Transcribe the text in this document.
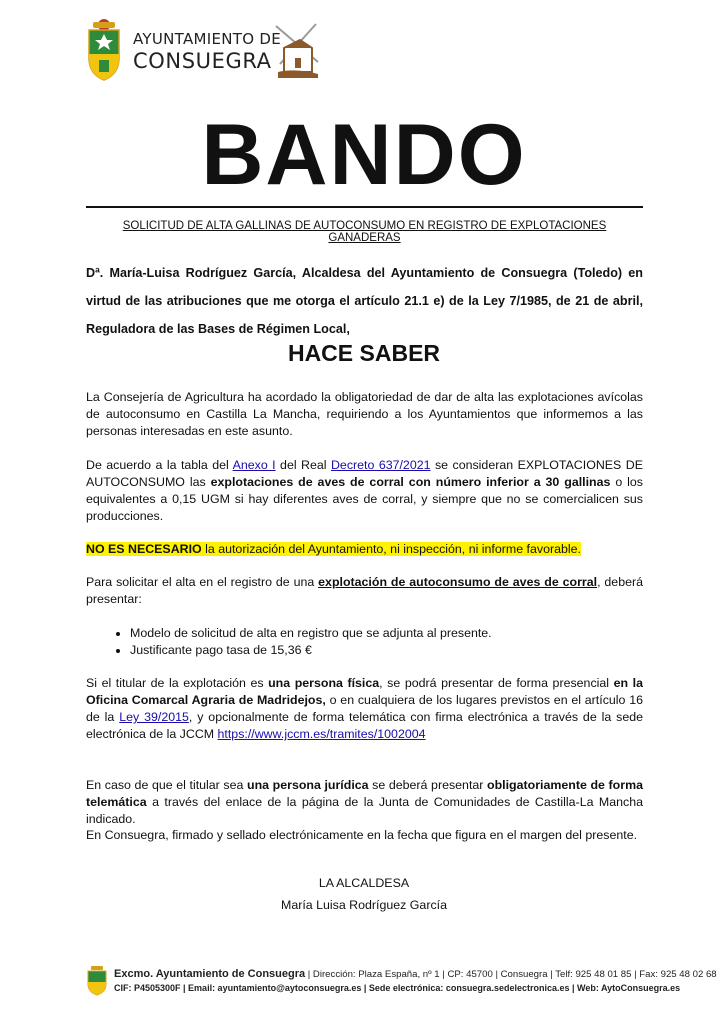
AYUNTAMIENTO DE
CONSUEGRA
BANDO
SOLICITUD DE ALTA GALLINAS DE AUTOCONSUMO EN REGISTRO DE EXPLOTACIONES GANADERAS
Dª. María-Luisa Rodríguez García, Alcaldesa del Ayuntamiento de Consuegra (Toledo) en virtud de las atribuciones que me otorga el artículo 21.1 e) de la Ley 7/1985, de 21 de abril, Reguladora de las Bases de Régimen Local,
HACE SABER
La Consejería de Agricultura ha acordado la obligatoriedad de dar de alta las explotaciones avícolas de autoconsumo en Castilla La Mancha, requiriendo a los Ayuntamientos que informemos a las personas interesadas en este asunto.
De acuerdo a la tabla del Anexo I del Real Decreto 637/2021 se consideran EXPLOTACIONES DE AUTOCONSUMO las explotaciones de aves de corral con número inferior a 30 gallinas o los equivalentes a 0,15 UGM si hay diferentes aves de corral, y siempre que no se comercialicen sus producciones.
NO ES NECESARIO la autorización del Ayuntamiento, ni inspección, ni informe favorable.
Para solicitar el alta en el registro de una explotación de autoconsumo de aves de corral, deberá presentar:
• Modelo de solicitud de alta en registro que se adjunta al presente.
• Justificante pago tasa de 15,36 €
Si el titular de la explotación es una persona física, se podrá presentar de forma presencial en la Oficina Comarcal Agraria de Madridejos, o en cualquiera de los lugares previstos en el artículo 16 de la Ley 39/2015, y opcionalmente de forma telemática con firma electrónica a través de la sede electrónica de la JCCM https://www.jccm.es/tramites/1002004
En caso de que el titular sea una persona jurídica se deberá presentar obligatoriamente de forma telemática a través del enlace de la página de la Junta de Comunidades de Castilla-La Mancha indicado.
En Consuegra, firmado y sellado electrónicamente en la fecha que figura en el margen del presente.
LA ALCALDESA
María Luisa Rodríguez García
Excmo. Ayuntamiento de Consuegra | Dirección: Plaza España, nº 1 | CP: 45700 | Consuegra | Telf: 925 48 01 85 | Fax: 925 48 02 68
CIF: P4505300F | Email: ayuntamiento@aytoconsuegra.es | Sede electrónica: consuegra.sedelectronica.es | Web: AytoConsuegra.es
